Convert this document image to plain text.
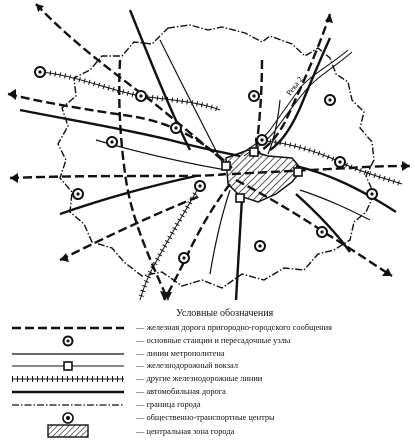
Река 2
Условные обозначения
— железная дорога пригородно-городского сообщения
— основные станции и пересадочные узлы
— линии метрополитена
— железнодорожный вокзал
— другие железнодорожные линии
— автомобильная дорога
— граница города
— общественно-транспортные центры
— центральная зона города
